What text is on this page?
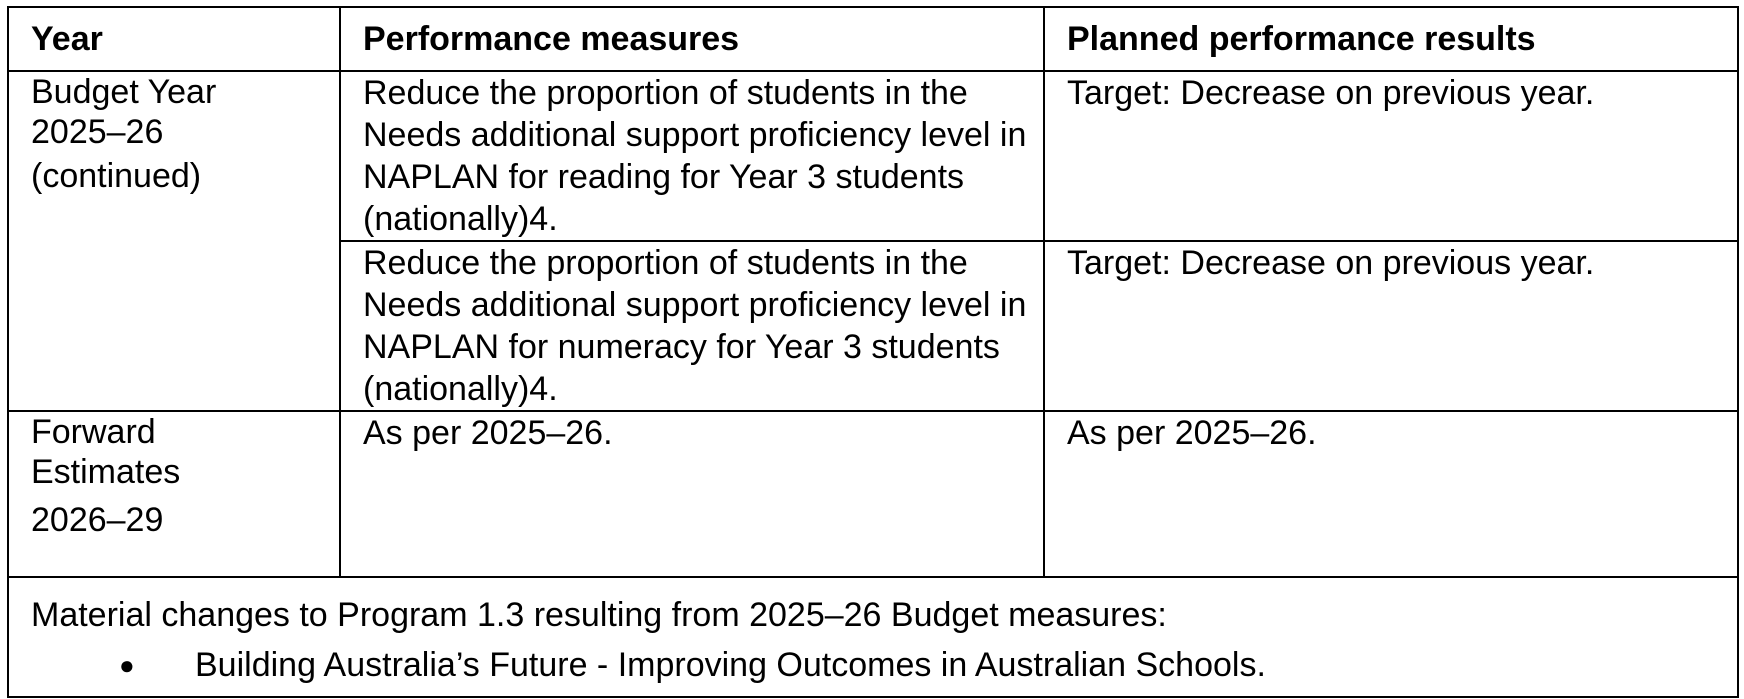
Year	Performance measures	Planned performance results
Budget Year
2025–26
(continued)	Reduce the proportion of students in the Needs additional support proficiency level in NAPLAN for reading for Year 3 students (nationally)4.	Target: Decrease on previous year.
	Reduce the proportion of students in the Needs additional support proficiency level in NAPLAN for numeracy for Year 3 students (nationally)4.	Target: Decrease on previous year.
Forward
Estimates
2026–29	As per 2025–26.	As per 2025–26.

Material changes to Program 1.3 resulting from 2025–26 Budget measures:
● Building Australia’s Future - Improving Outcomes in Australian Schools.		
